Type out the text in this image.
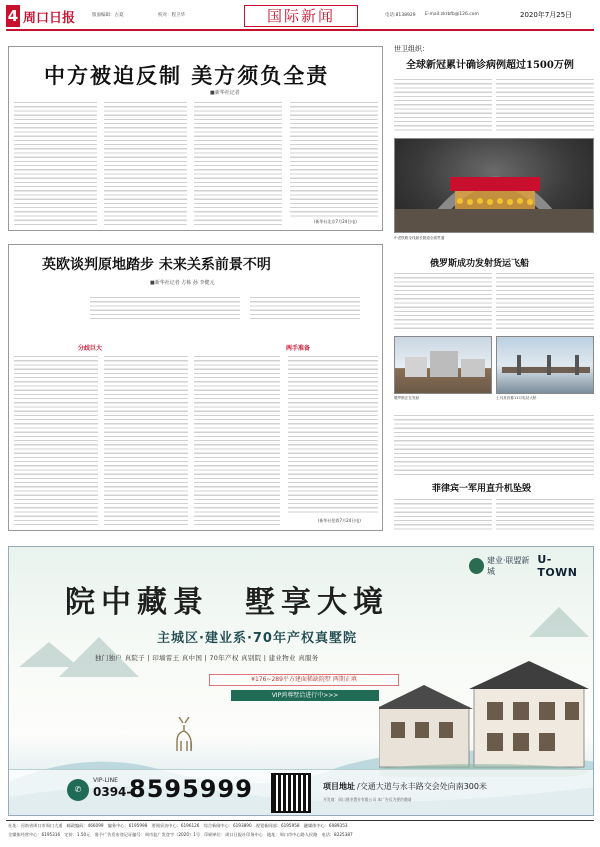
4 周口日报	版面编辑：古夏	校对：程卫华	国际新闻	电话:8138929 E-mail:zkrbfb@126.com	2020年7月25日
中方被迫反制 美方须负全责
■新华社记者
(新华社北京7月24日电)
英欧谈判原地踏步 未来关系前景不明
■新华社记者 方栋 孙 李健元
分歧巨大	两手准备
(新华社伦敦7月24日电)
世卫组织：
全球新冠累计确诊病例超过1500万例
中老铁路全线最长隧道全面贯通
俄罗斯成功发射货运飞船
俄罗斯正在发射	土耳其首都11月电站大桥
菲律宾一军用直升机坠毁
建业·联盟新城
U-TOWN
院中藏景　墅享大境
主城区·建业系·70年产权真墅院
独门独户 真院子 | 印墙雷王 真中国 | 70年产权 真别院 | 建业物业 真服务
¥176~289平方建面稀缺院墅 两期正填
VIP鸿尊墅洽进行中>>>
✆
VIP-LINE
0394-
8595999	项目地址 /交通大道与永丰路交会处向南300米
开发商：周口建业置业有限公司 本广告仅为要约邀请
社址：河南省周口市周口大道　邮政编码：466099　编务中心：6195998　要闻采访中心：6196126　综合新闻中心：6193890　视觉新闻部：6195958　融媒体中心：6089353
全媒体经营中心：6195316　定价：1.50元　准予广告发布登记证编号：周市监广发登字（2020）1号　印刷单位：周口日报社印务中心　地址：周口市中心路人民路　电话：8225387
